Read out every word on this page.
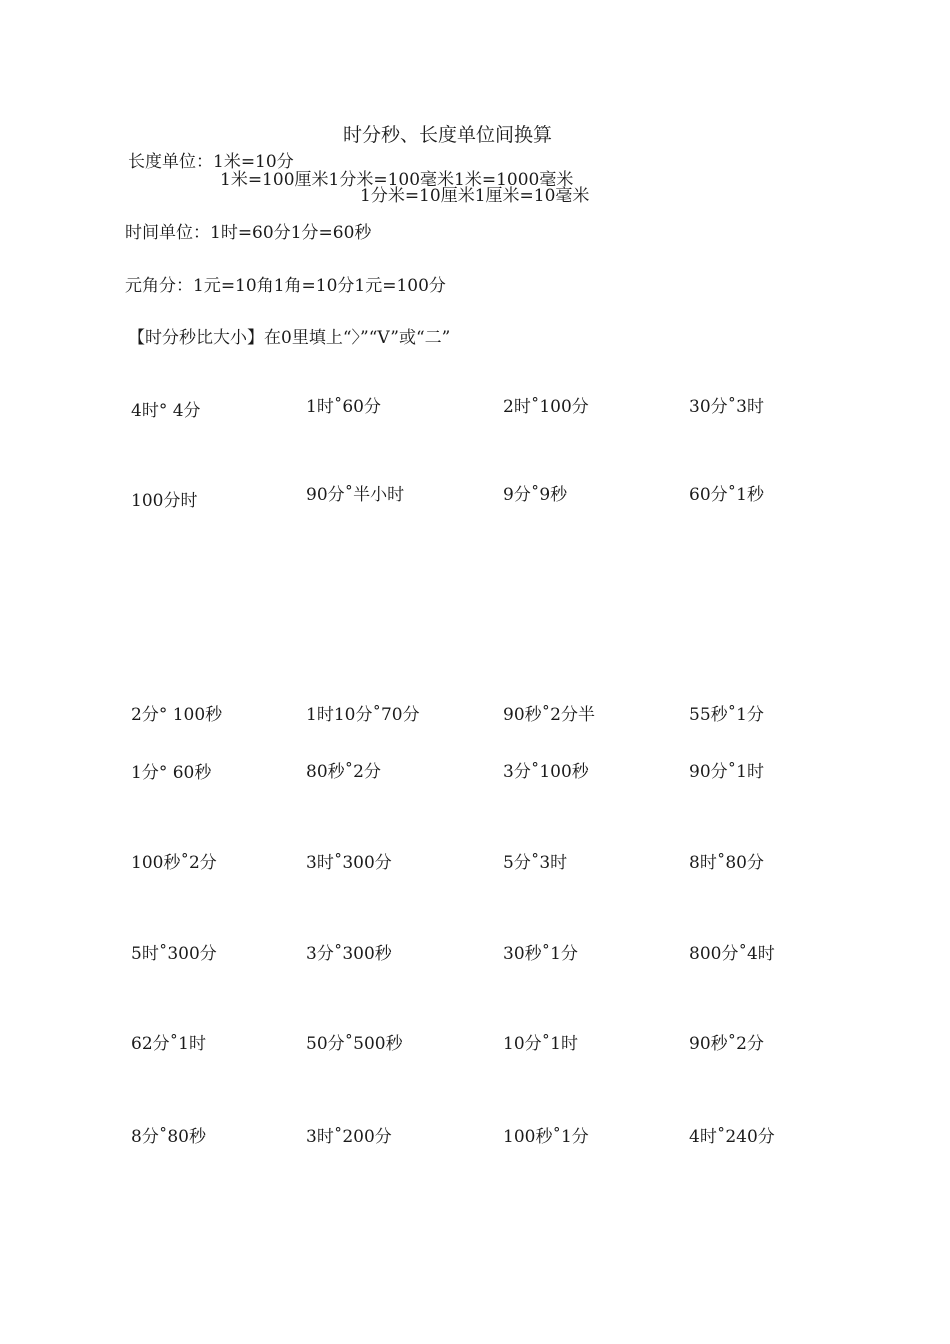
时分秒、长度单位间换算
长度单位：1米=10分
1米=100厘米1分米=100毫米1米=1000毫米
1分米=10厘米1厘米=10毫米
时间单位：1时=60分1分=60秒
元角分：1元=10角1角=10分1元=100分
【时分秒比大小】在0里填上“〉”“V”或“二”
4时° 4分	1时˚60分	2时˚100分	30分˚3时
100分时	90分˚半小时	9分˚9秒	60分˚1秒
2分° 100秒	1时10分˚70分	90秒˚2分半	55秒˚1分
1分° 60秒	80秒˚2分	3分˚100秒	90分˚1时
100秒˚2分	3时˚300分	5分˚3时	8时˚80分
5时˚300分	3分˚300秒	30秒˚1分	800分˚4时
62分˚1时	50分˚500秒	10分˚1时	90秒˚2分
8分˚80秒	3时˚200分	100秒˚1分	4时˚240分
